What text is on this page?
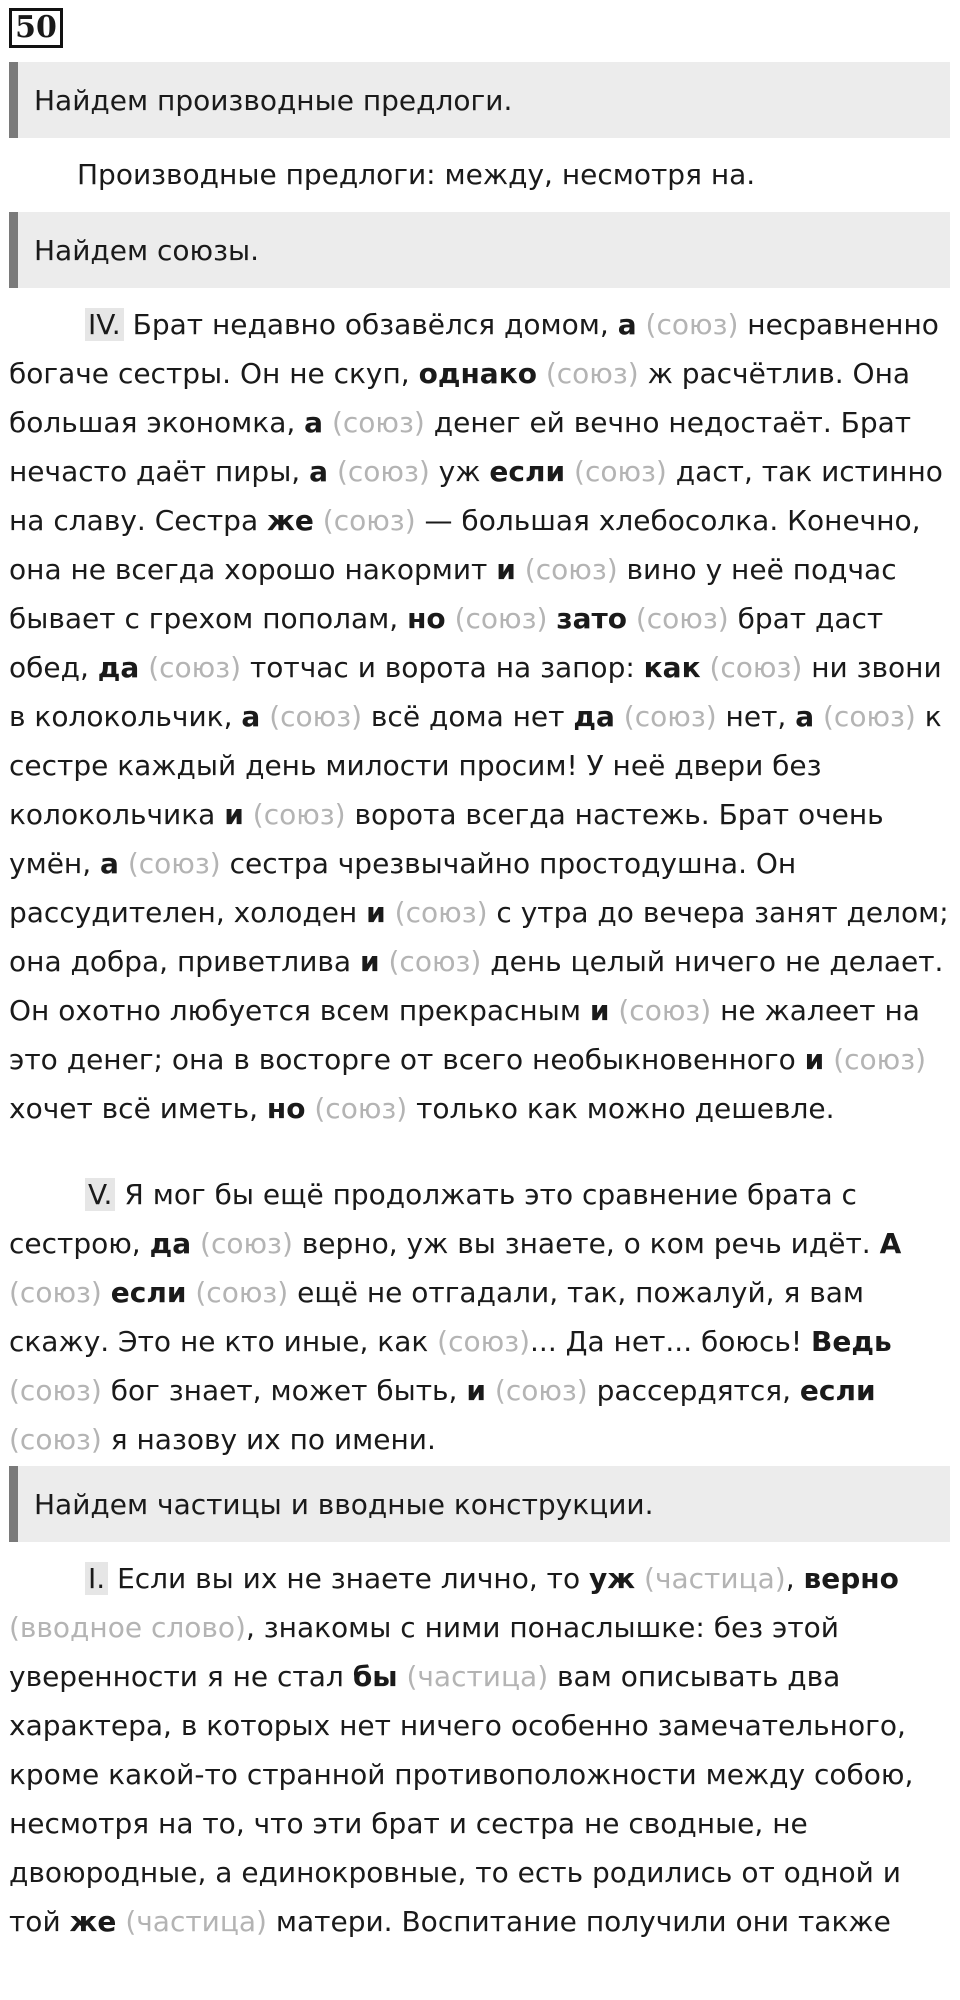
50
Найдем производные предлоги.

Производные предлоги: между, несмотря на.

Найдем союзы.

IV. Брат недавно обзавёлся домом, а (союз) несравненно богаче сестры. Он не скуп, однако (союз) ж расчётлив. Она большая экономка, а (союз) денег ей вечно недостаёт. Брат нечасто даёт пиры, а (союз) уж если (союз) даст, так истинно на славу. Сестра же (союз) — большая хлебосолка. Конечно, она не всегда хорошо накормит и (союз) вино у неё подчас бывает с грехом пополам, но (союз) зато (союз) брат даст обед, да (союз) тотчас и ворота на запор: как (союз) ни звони в колокольчик, а (союз) всё дома нет да (союз) нет, а (союз) к сестре каждый день милости просим! У неё двери без колокольчика и (союз) ворота всегда настежь. Брат очень умён, а (союз) сестра чрезвычайно простодушна. Он рассудителен, холоден и (союз) с утра до вечера занят делом; она добра, приветлива и (союз) день целый ничего не делает. Он охотно любуется всем прекрасным и (союз) не жалеет на это денег; она в восторге от всего необыкновенного и (союз) хочет всё иметь, но (союз) только как можно дешевле.

V. Я мог бы ещё продолжать это сравнение брата с сестрою, да (союз) верно, уж вы знаете, о ком речь идёт. А (союз) если (союз) ещё не отгадали, так, пожалуй, я вам скажу. Это не кто иные, как (союз)... Да нет... боюсь! Ведь (союз) бог знает, может быть, и (союз) рассердятся, если (союз) я назову их по имени.

Найдем частицы и вводные конструкции.

I. Если вы их не знаете лично, то уж (частица), верно (вводное слово), знакомы с ними понаслышке: без этой уверенности я не стал бы (частица) вам описывать два характера, в которых нет ничего особенно замечательного, кроме какой-то странной противоположности между собою, несмотря на то, что эти брат и сестра не сводные, не двоюродные, а единокровные, то есть родились от одной и той же (частица) матери. Воспитание получили они также
